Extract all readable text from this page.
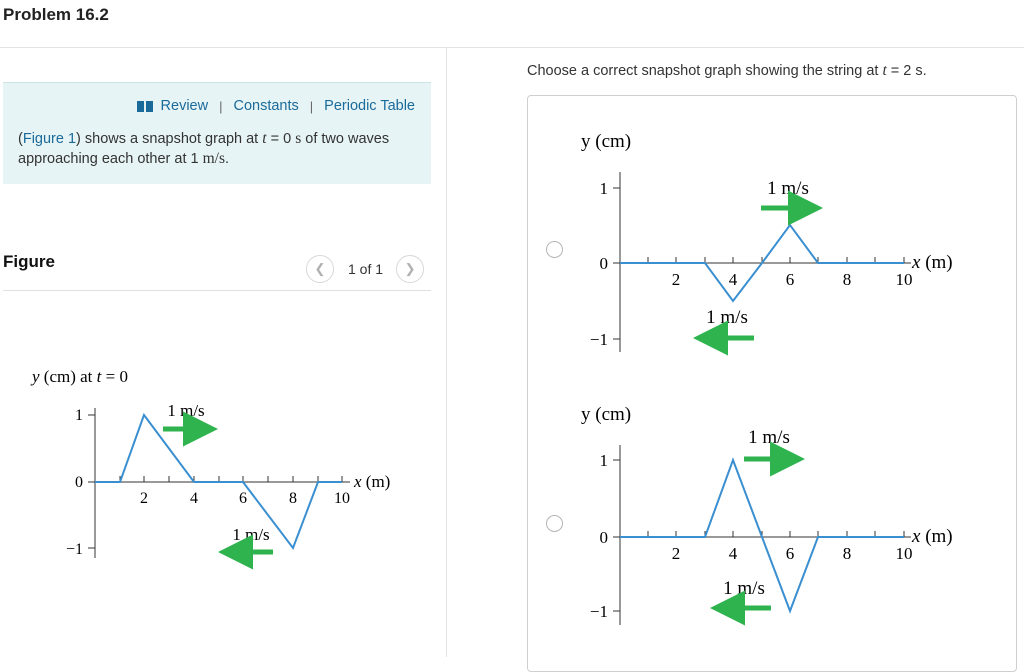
Problem 16.2
Review | Constants | Periodic Table
(Figure 1) shows a snapshot graph at t = 0 s of two waves approaching each other at 1 m/s.
Figure	❮ 1 of 1 ❯
y (cm) at t = 0
1
0
−1
2	4	6	8 10
x (m)
1 m/s
1 m/s
Choose a correct snapshot graph showing the string at t = 2 s.
y (cm)
1
0
−1
2	4	6	8	10
x (m)
1 m/s
1 m/s
y (cm)
1
0
−1
2	4	6	8	10
x (m)
1 m/s
1 m/s
